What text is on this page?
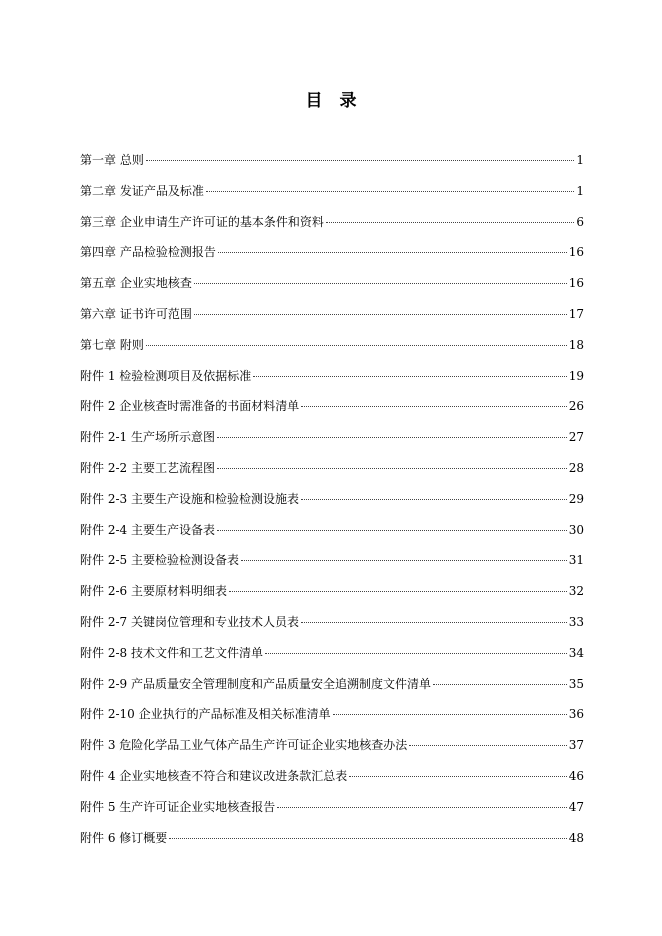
目　录
第一章 总则	1
第二章 发证产品及标准	1
第三章 企业申请生产许可证的基本条件和资料	6
第四章 产品检验检测报告	16
第五章 企业实地核查	16
第六章 证书许可范围	17
第七章 附则	18
附件 1 检验检测项目及依据标准	19
附件 2 企业核查时需准备的书面材料清单	26
附件 2-1 生产场所示意图	27
附件 2-2 主要工艺流程图	28
附件 2-3 主要生产设施和检验检测设施表	29
附件 2-4 主要生产设备表	30
附件 2-5 主要检验检测设备表	31
附件 2-6 主要原材料明细表	32
附件 2-7 关键岗位管理和专业技术人员表	33
附件 2-8 技术文件和工艺文件清单	34
附件 2-9 产品质量安全管理制度和产品质量安全追溯制度文件清单	35
附件 2-10 企业执行的产品标准及相关标准清单	36
附件 3 危险化学品工业气体产品生产许可证企业实地核查办法	37
附件 4 企业实地核查不符合和建议改进条款汇总表	46
附件 5 生产许可证企业实地核查报告	47
附件 6 修订概要	48
